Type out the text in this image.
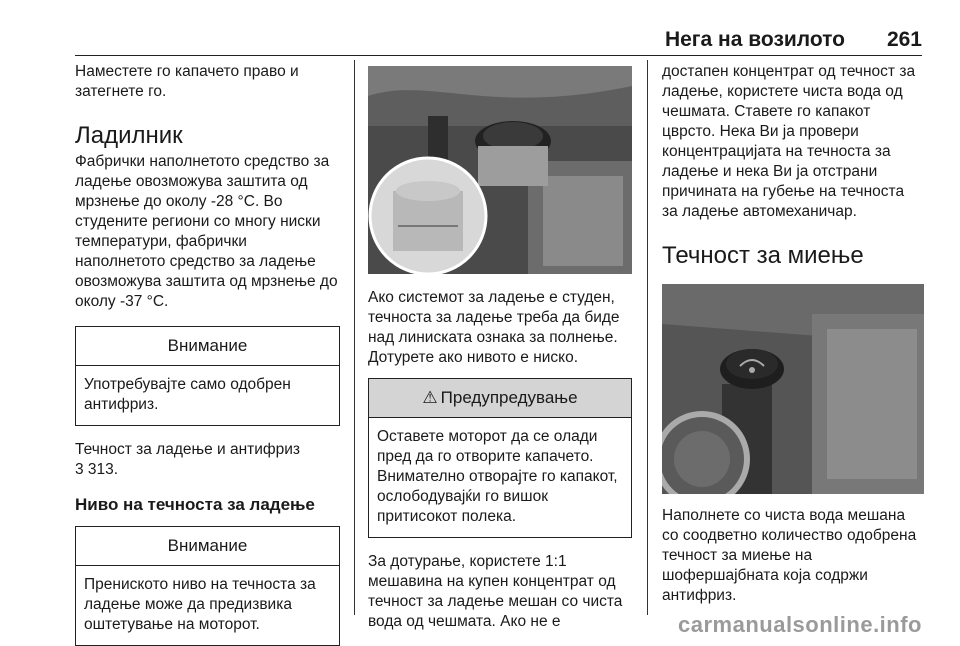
Нега на возилото 261

Наместете го капачето право и затегнете го.

Ладилник

Фабрички наполнетото средство за ладење овозможува заштита од мрзнење до околу -28 °C. Во студените региони со многу ниски температури, фабрички наполнетото средство за ладење овозможува заштита од мрзнење до околу -37 °C.

Внимание
Употребувајте само одобрен антифриз.

Течност за ладење и антифриз
3 313.

Ниво на течноста за ладење
Внимание
Прениското ниво на течноста за ладење може да предизвика оштетување на моторот.

Ако системот за ладење е студен, течноста за ладење треба да биде над линиската ознака за полнење. Дотурете ако нивото е ниско.

⚠ Предупредување
Оставете моторот да се олади пред да го отворите капачето. Внимателно отворајте го капакот, ослободувајќи го вишок притисокот полека.

За дотурање, користете 1:1 мешавина на купен концентрат од течност за ладење мешан со чиста вода од чешмата. Ако не е

достапен концентрат од течност за ладење, користете чиста вода од чешмата. Ставете го капакот цврсто. Нека Ви ја провери концентрацијата на течноста за ладење и нека Ви ја отстрани причината на губење на течноста за ладење автомеханичар.

Течност за миење

Наполнете со чиста вода мешана со соодветно количество одобрена течност за миење на шофершајбната која содржи антифриз.

carmanualsonline.info
